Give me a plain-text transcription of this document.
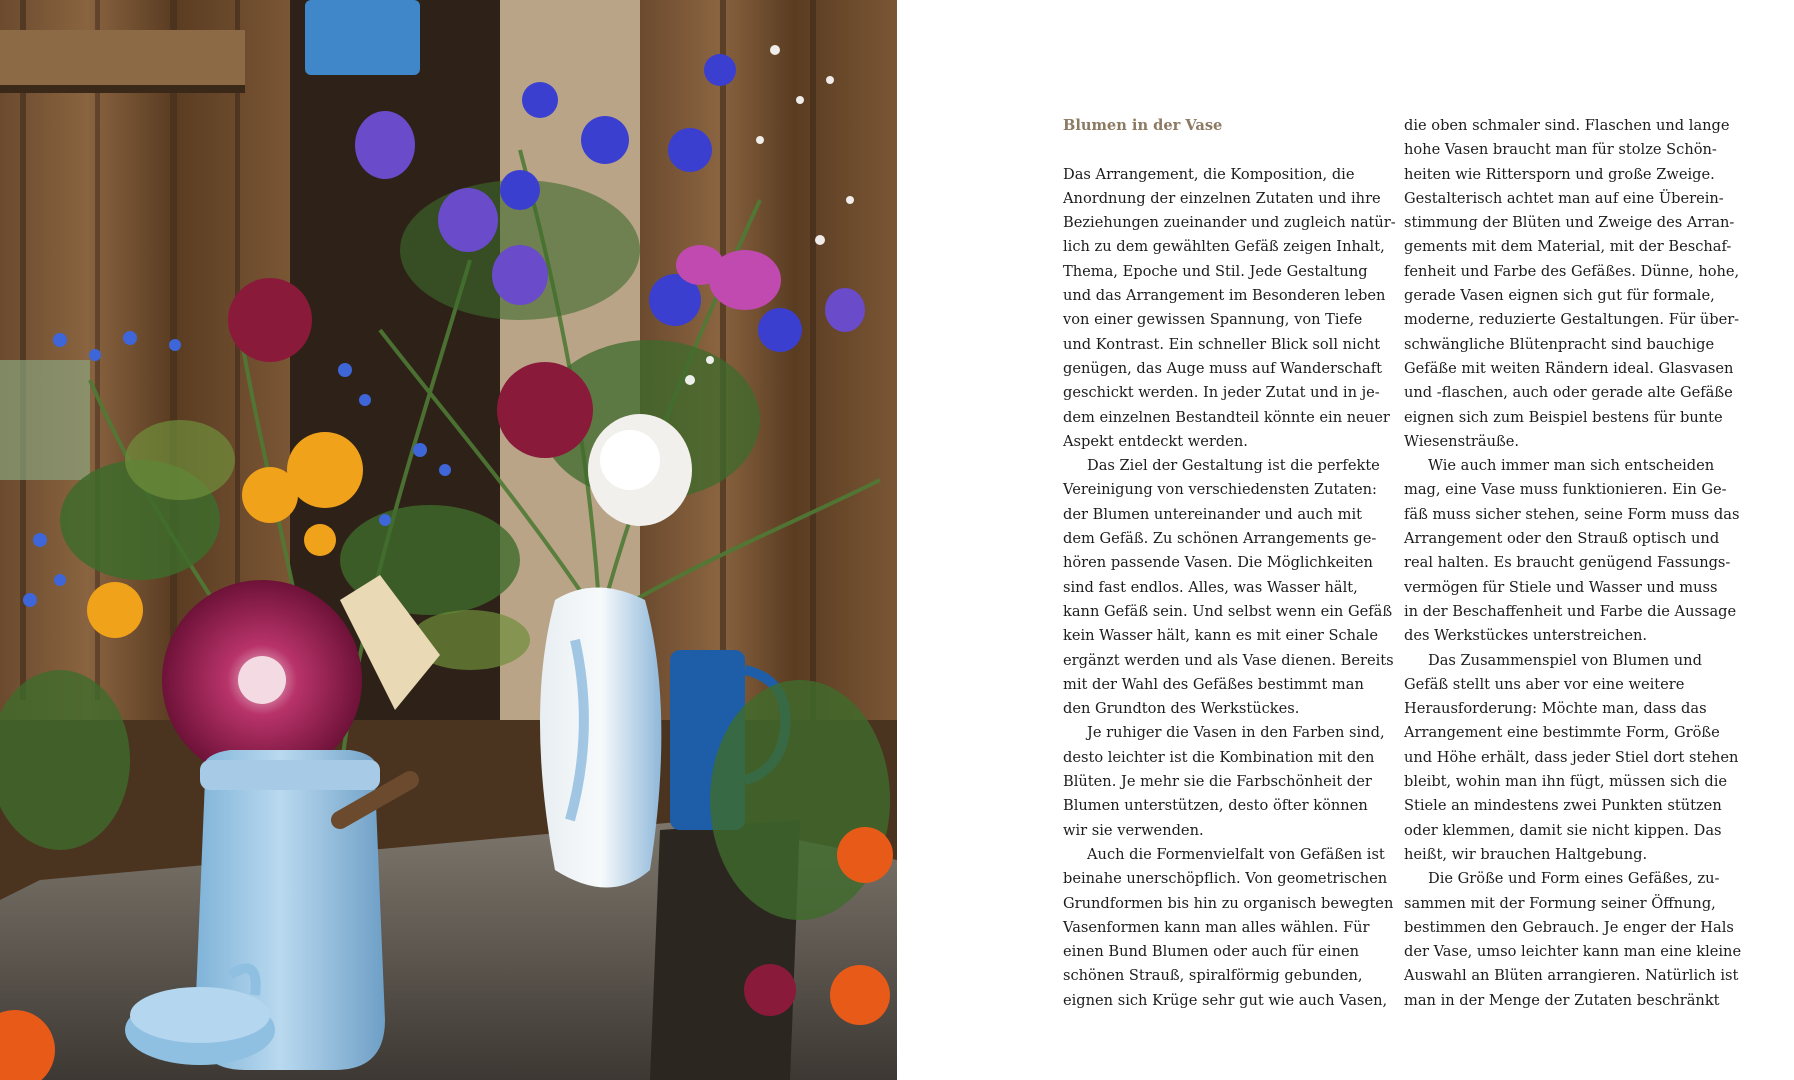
Blumen in der Vase
Das Arrangement, die Komposition, die
Anordnung der einzelnen Zutaten und ihre
Beziehungen zueinander und zugleich natür-
lich zu dem gewählten Gefäß zeigen Inhalt,
Thema, Epoche und Stil. Jede Gestaltung
und das Arrangement im Besonderen leben
von einer gewissen Spannung, von Tiefe
und Kontrast. Ein schneller Blick soll nicht
genügen, das Auge muss auf Wanderschaft
geschickt werden. In jeder Zutat und in je-
dem einzelnen Bestandteil könnte ein neuer
Aspekt entdeckt werden.
Das Ziel der Gestaltung ist die perfekte
Vereinigung von verschiedensten Zutaten:
der Blumen untereinander und auch mit
dem Gefäß. Zu schönen Arrangements ge-
hören passende Vasen. Die Möglichkeiten
sind fast endlos. Alles, was Wasser hält,
kann Gefäß sein. Und selbst wenn ein Gefäß
kein Wasser hält, kann es mit einer Schale
ergänzt werden und als Vase dienen. Bereits
mit der Wahl des Gefäßes bestimmt man
den Grundton des Werkstückes.
Je ruhiger die Vasen in den Farben sind,
desto leichter ist die Kombination mit den
Blüten. Je mehr sie die Farbschönheit der
Blumen unterstützen, desto öfter können
wir sie verwenden.
Auch die Formenvielfalt von Gefäßen ist
beinahe unerschöpflich. Von geometrischen
Grundformen bis hin zu organisch bewegten
Vasenformen kann man alles wählen. Für
einen Bund Blumen oder auch für einen
schönen Strauß, spiralförmig gebunden,
eignen sich Krüge sehr gut wie auch Vasen,
die oben schmaler sind. Flaschen und lange
hohe Vasen braucht man für stolze Schön-
heiten wie Rittersporn und große Zweige.
Gestalterisch achtet man auf eine Überein-
stimmung der Blüten und Zweige des Arran-
gements mit dem Material, mit der Beschaf-
fenheit und Farbe des Gefäßes. Dünne, hohe,
gerade Vasen eignen sich gut für formale,
moderne, reduzierte Gestaltungen. Für über-
schwängliche Blütenpracht sind bauchige
Gefäße mit weiten Rändern ideal. Glasvasen
und -flaschen, auch oder gerade alte Gefäße
eignen sich zum Beispiel bestens für bunte
Wiesensträuße.
Wie auch immer man sich entscheiden
mag, eine Vase muss funktionieren. Ein Ge-
fäß muss sicher stehen, seine Form muss das
Arrangement oder den Strauß optisch und
real halten. Es braucht genügend Fassungs-
vermögen für Stiele und Wasser und muss
in der Beschaffenheit und Farbe die Aussage
des Werkstückes unterstreichen.
Das Zusammenspiel von Blumen und
Gefäß stellt uns aber vor eine weitere
Herausforderung: Möchte man, dass das
Arrangement eine bestimmte Form, Größe
und Höhe erhält, dass jeder Stiel dort stehen
bleibt, wohin man ihn fügt, müssen sich die
Stiele an mindestens zwei Punkten stützen
oder klemmen, damit sie nicht kippen. Das
heißt, wir brauchen Haltgebung.
Die Größe und Form eines Gefäßes, zu-
sammen mit der Formung seiner Öffnung,
bestimmen den Gebrauch. Je enger der Hals
der Vase, umso leichter kann man eine kleine
Auswahl an Blüten arrangieren. Natürlich ist
man in der Menge der Zutaten beschränkt
